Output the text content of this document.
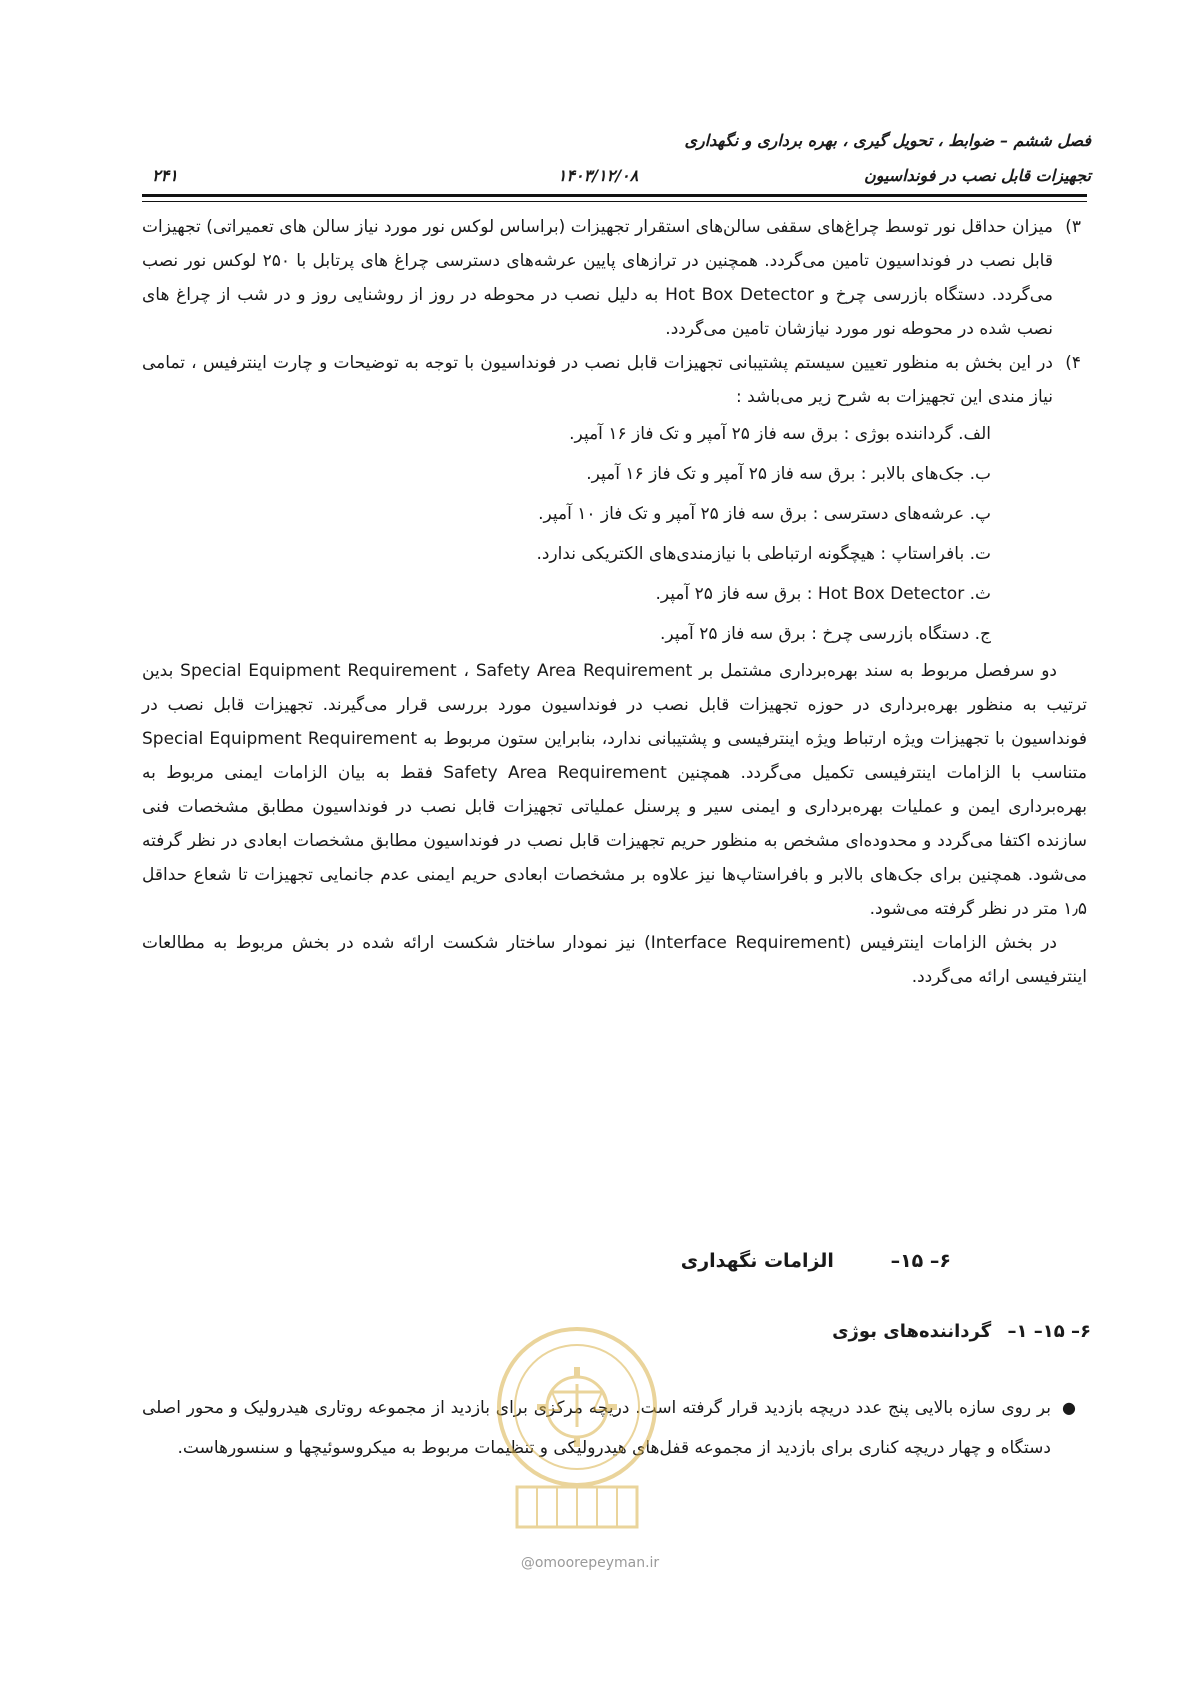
فصل ششم – ضوابط ، تحویل گیری ، بهره برداری و نگهداری
تجهیزات قابل نصب در فونداسیون
۱۴۰۳/۱۲/۰۸
۲۴۱
۳)
میزان حداقل نور توسط چراغ‌های سقفی سالن‌های استقرار تجهیزات (براساس لوکس نور مورد نیاز سالن های تعمیراتی) تجهیزات قابل نصب در فونداسیون تامین می‌گردد. همچنین در ترازهای پایین عرشه‌های دسترسی چراغ های پرتابل با ۲۵۰ لوکس نور نصب می‌گردد. دستگاه بازرسی چرخ و Hot Box Detector به دلیل نصب در محوطه در روز از روشنایی روز و در شب از چراغ های نصب شده در محوطه نور مورد نیازشان تامین می‌گردد.
۴)
در این بخش به منظور تعیین سیستم پشتیبانی تجهیزات قابل نصب در فونداسیون با توجه به توضیحات و چارت اینترفیس ، تمامی نیاز مندی این تجهیزات به شرح زیر می‌باشد :
الف. گرداننده بوژی : برق سه فاز ۲۵ آمپر و تک فاز ۱۶ آمپر.
ب. جک‌های بالابر : برق سه فاز ۲۵ آمپر و تک فاز ۱۶ آمپر.
پ. عرشه‌های دسترسی : برق سه فاز ۲۵ آمپر و تک فاز ۱۰ آمپر.
ت. بافراستاپ : هیچگونه ارتباطی با نیازمندی‌های الکتریکی ندارد.
ث. Hot Box Detector : برق سه فاز ۲۵ آمپر.
ج. دستگاه بازرسی چرخ : برق سه فاز ۲۵ آمپر.

دو سرفصل مربوط به سند بهره‌برداری مشتمل بر Special Equipment Requirement ، Safety Area Requirement بدین ترتیب به منظور بهره‌برداری در حوزه تجهیزات قابل نصب در فونداسیون مورد بررسی قرار می‌گیرند. تجهیزات قابل نصب در فونداسیون با تجهیزات ویژه ارتباط ویژه اینترفیسی و پشتیبانی ندارد، بنابراین ستون مربوط به Special Equipment Requirement متناسب با الزامات اینترفیسی تکمیل می‌گردد. همچنین Safety Area Requirement فقط به بیان الزامات ایمنی مربوط به بهره‌برداری ایمن و عملیات بهره‌برداری و ایمنی سیر و پرسنل عملیاتی تجهیزات قابل نصب در فونداسیون مطابق مشخصات فنی سازنده اکتفا می‌گردد و محدوده‌ای مشخص به منظور حریم تجهیزات قابل نصب در فونداسیون مطابق مشخصات ابعادی در نظر گرفته می‌شود. همچنین برای جک‌های بالابر و بافراستاپ‌ها نیز علاوه بر مشخصات ابعادی حریم ایمنی عدم جانمایی تجهیزات تا شعاع حداقل ۱٫۵ متر در نظر گرفته می‌شود.

در بخش الزامات اینترفیس (Interface Requirement) نیز نمودار ساختار شکست ارائه شده در بخش مربوط به مطالعات اینترفیسی ارائه می‌گردد.

۶– ۱۵– الزامات نگهداری
۶– ۱۵– ۱– گرداننده‌های بوژی
●
بر روی سازه بالایی پنج عدد دریچه بازدید قرار گرفته است. دریچه مرکزی برای بازدید از مجموعه روتاری هیدرولیک و محور اصلی دستگاه و چهار دریچه کناری برای بازدید از مجموعه قفل‌های هیدرولیکی و تنظیمات مربوط به میکروسوئیچها و سنسورهاست.
@omoorepeyman.ir
